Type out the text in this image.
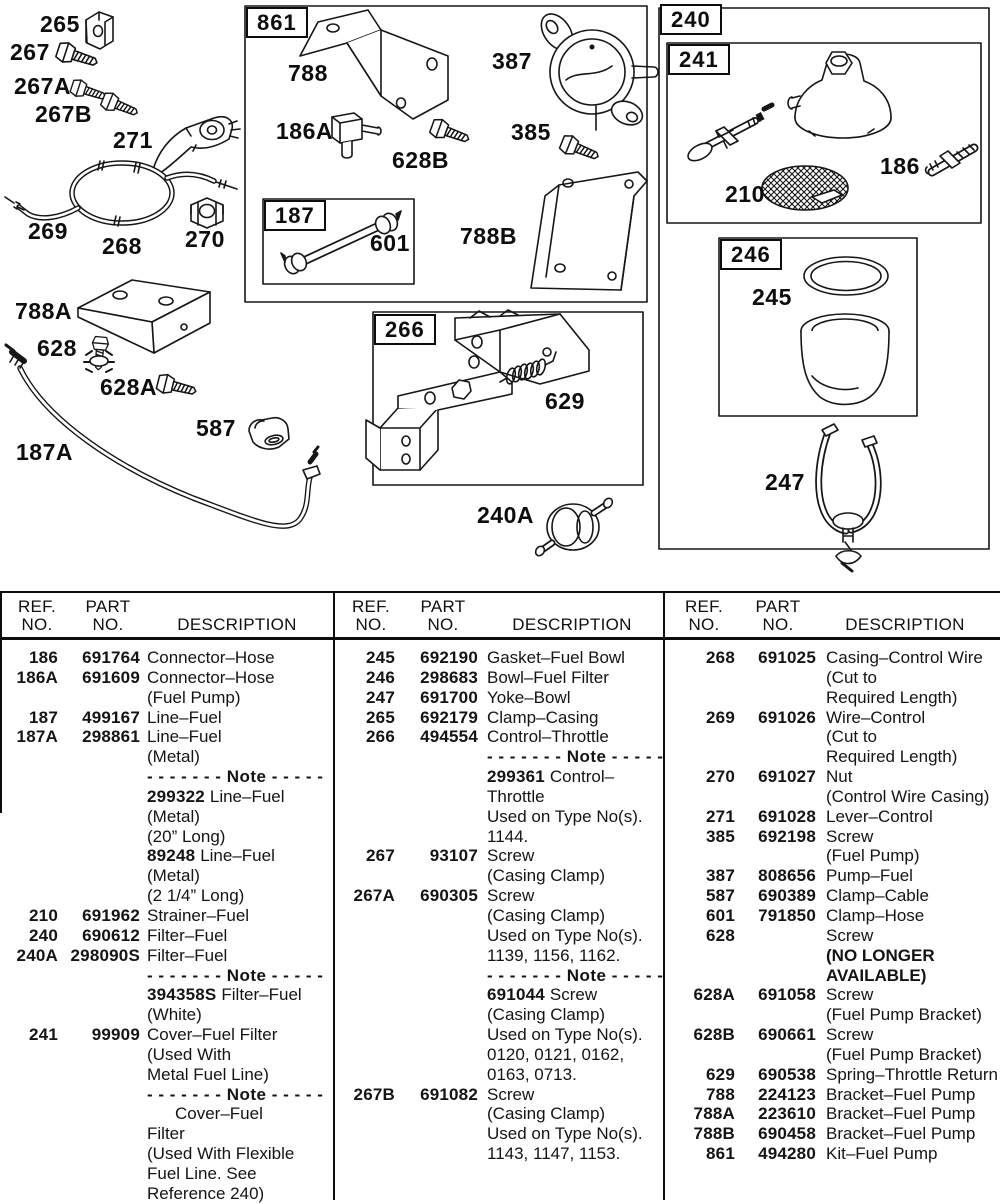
265
267
267A
267B
271
269
268 270
788
186A
628B
601
387
385
788B
210
186
245
247
788A
628
628A
587
187A
629
240A
861
187
240
241
246
266
REF.
NO.
PART
NO.	DESCRIPTION
186	691764 Connector–Hose
186A	691609 Connector–Hose
(Fuel Pump)
187	499167 Line–Fuel
187A	298861 Line–Fuel
(Metal)
- - - - - - - Note - - - - -
299322 Line–Fuel
(Metal)
(20” Long)
89248 Line–Fuel
(Metal)
(2 1/4” Long)
210	691962 Strainer–Fuel
240	690612 Filter–Fuel
240A 298090S Filter–Fuel
- - - - - - - Note - - - - -
394358S Filter–Fuel
(White)
241	99909 Cover–Fuel Filter
(Used With
Metal Fuel Line)
- - - - - - - Note - - - - -
Cover–Fuel
Filter
(Used With Flexible
Fuel Line. See
Reference 240)
REF.
NO.
PART
NO.	DESCRIPTION
245	692190 Gasket–Fuel Bowl
246	298683 Bowl–Fuel Filter
247	691700 Yoke–Bowl
265	692179 Clamp–Casing
266	494554 Control–Throttle
- - - - - - - Note - - - - -
299361 Control–
Throttle
Used on Type No(s).
1144.
267	93107 Screw
(Casing Clamp)
267A	690305 Screw
(Casing Clamp)
Used on Type No(s).
1139, 1156, 1162.
- - - - - - - Note - - - - -
691044 Screw
(Casing Clamp)
Used on Type No(s).
0120, 0121, 0162,
0163, 0713.
267B	691082 Screw
(Casing Clamp)
Used on Type No(s).
1143, 1147, 1153.
REF.
NO.
PART
NO.	DESCRIPTION
268	691025 Casing–Control Wire
(Cut to
Required Length)
269	691026 Wire–Control
(Cut to
Required Length)
270	691027 Nut
(Control Wire Casing)
271	691028 Lever–Control
385	692198 Screw
(Fuel Pump)
387	808656 Pump–Fuel
587	690389 Clamp–Cable
601	791850 Clamp–Hose
628	Screw
(NO LONGER
AVAILABLE)
628A	691058 Screw
(Fuel Pump Bracket)
628B	690661 Screw
(Fuel Pump Bracket)
629	690538 Spring–Throttle Return
788	224123 Bracket–Fuel Pump
788A	223610 Bracket–Fuel Pump
788B	690458 Bracket–Fuel Pump
861	494280 Kit–Fuel Pump
